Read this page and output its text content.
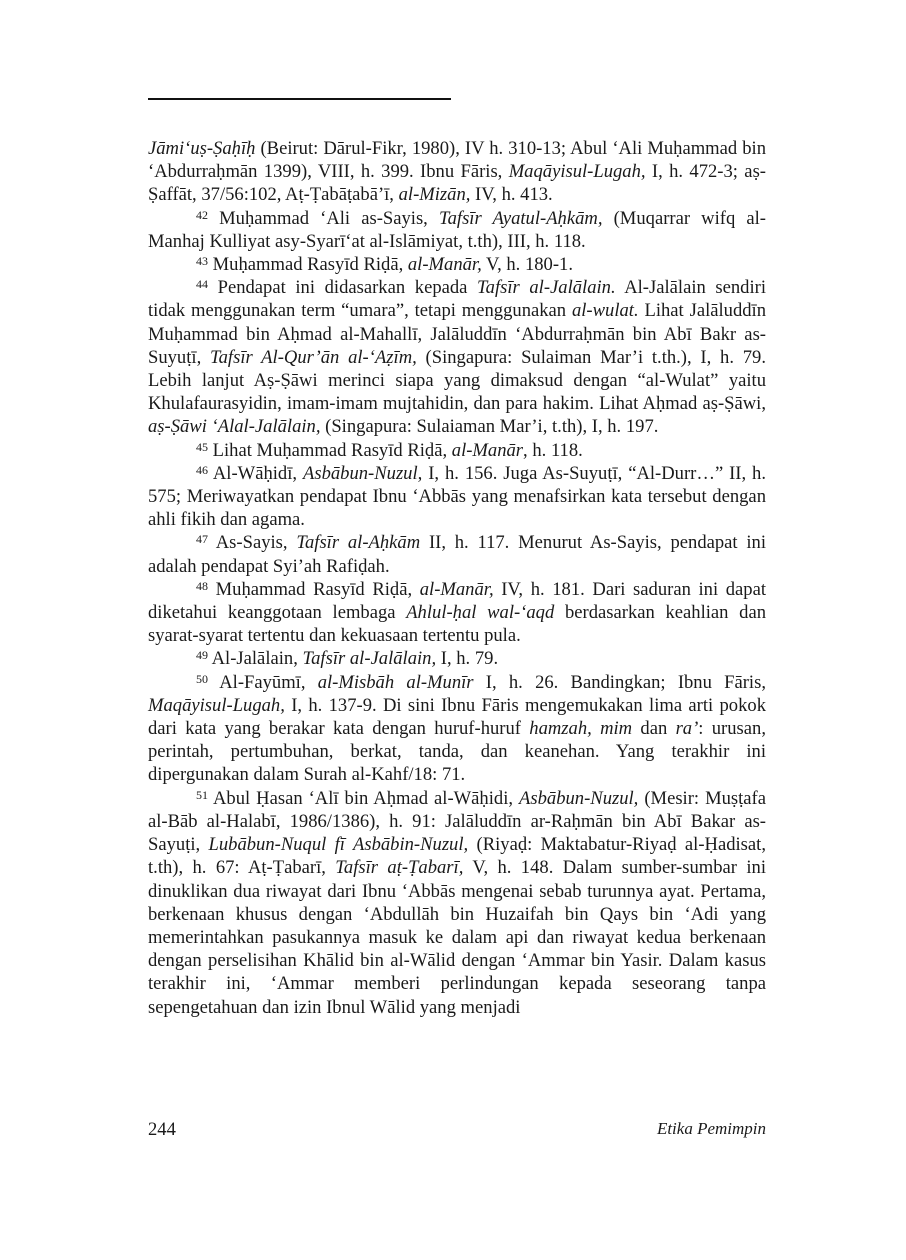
Jāmi‘uṣ-Ṣaḥīḥ (Beirut: Dārul-Fikr, 1980), IV h. 310-13; Abul ‘Ali Muḥammad bin ‘Abdurraḥmān 1399), VIII, h. 399. Ibnu Fāris, Maqāyisul-Lugah, I, h. 472-3; aṣ-Ṣaffāt, 37/56:102, Aṭ-Ṭabāṭabā’ī, al-Mizān, IV, h. 413.

$^{42}$ Muḥammad ‘Ali as-Sayis, Tafsīr Ayatul-Aḥkām, (Muqarrar wifq al-Manhaj Kulliyat asy-Syarī‘at al-Islāmiyat, t.th), III, h. 118.

$^{43}$ Muḥammad Rasyīd Riḍā, al-Manār, V, h. 180-1.

$^{44}$ Pendapat ini didasarkan kepada Tafsīr al-Jalālain. Al-Jalālain sendiri tidak menggunakan term “umara”, tetapi menggunakan al-wulat. Lihat Jalāluddīn Muḥammad bin Aḥmad al-Mahallī, Jalāluddīn ‘Abdurraḥmān bin Abī Bakr as-Suyuṭī, Tafsīr Al-Qur’ān al-‘Aẓīm, (Singapura: Sulaiman Mar’i t.th.), I, h. 79. Lebih lanjut Aṣ-Ṣāwi merinci siapa yang dimaksud dengan “al-Wulat” yaitu Khulafaurasyidin, imam-imam mujtahidin, dan para hakim. Lihat Aḥmad aṣ-Ṣāwi, aṣ-Ṣāwi ‘Alal-Jalālain, (Singapura: Sulaiaman Mar’i, t.th), I, h. 197.

$^{45}$ Lihat Muḥammad Rasyīd Riḍā, al-Manār, h. 118.

$^{46}$ Al-Wāḥidī, Asbābun-Nuzul, I, h. 156. Juga As-Suyuṭī, “Al-Durr…” II, h. 575; Meriwayatkan pendapat Ibnu ‘Abbās yang menafsirkan kata tersebut dengan ahli fikih dan agama.

$^{47}$ As-Sayis, Tafsīr al-Aḥkām II, h. 117. Menurut As-Sayis, pendapat ini adalah pendapat Syi’ah Rafiḍah.

$^{48}$ Muḥammad Rasyīd Riḍā, al-Manār, IV, h. 181. Dari saduran ini dapat diketahui keanggotaan lembaga Ahlul-ḥal wal-‘aqd berdasarkan keahlian dan syarat-syarat tertentu dan kekuasaan tertentu pula.

$^{49}$ Al-Jalālain, Tafsīr al-Jalālain, I, h. 79.

$^{50}$ Al-Fayūmī, al-Misbāh al-Munīr I, h. 26. Bandingkan; Ibnu Fāris, Maqāyisul-Lugah, I, h. 137-9. Di sini Ibnu Fāris mengemukakan lima arti pokok dari kata yang berakar kata dengan huruf-huruf hamzah, mim dan ra’: urusan, perintah, pertumbuhan, berkat, tanda, dan keanehan. Yang terakhir ini dipergunakan dalam Surah al-Kahf/18: 71.

$^{51}$ Abul Ḥasan ‘Alī bin Aḥmad al-Wāḥidi, Asbābun-Nuzul, (Mesir: Muṣṭafa al-Bāb al-Halabī, 1986/1386), h. 91: Jalāluddīn ar-Raḥmān bin Abī Bakar as-Sayuṭi, Lubābun-Nuqul fī Asbābin-Nuzul, (Riyaḍ: Maktabatur-Riyaḍ al-Ḥadisat, t.th), h. 67: Aṭ-Ṭabarī, Tafsīr aṭ-Ṭabarī, V, h. 148. Dalam sumber-sumbar ini dinuklikan dua riwayat dari Ibnu ‘Abbās mengenai sebab turunnya ayat. Pertama, berkenaan khusus dengan ‘Abdullāh bin Huzaifah bin Qays bin ‘Adi yang memerintahkan pasukannya masuk ke dalam api dan riwayat kedua berkenaan dengan perselisihan Khālid bin al-Wālid dengan ‘Ammar bin Yasir. Dalam kasus terakhir ini, ‘Ammar memberi perlindungan kepada seseorang tanpa sepengetahuan dan izin Ibnul Wālid yang menjadi

244	Etika Pemimpin
